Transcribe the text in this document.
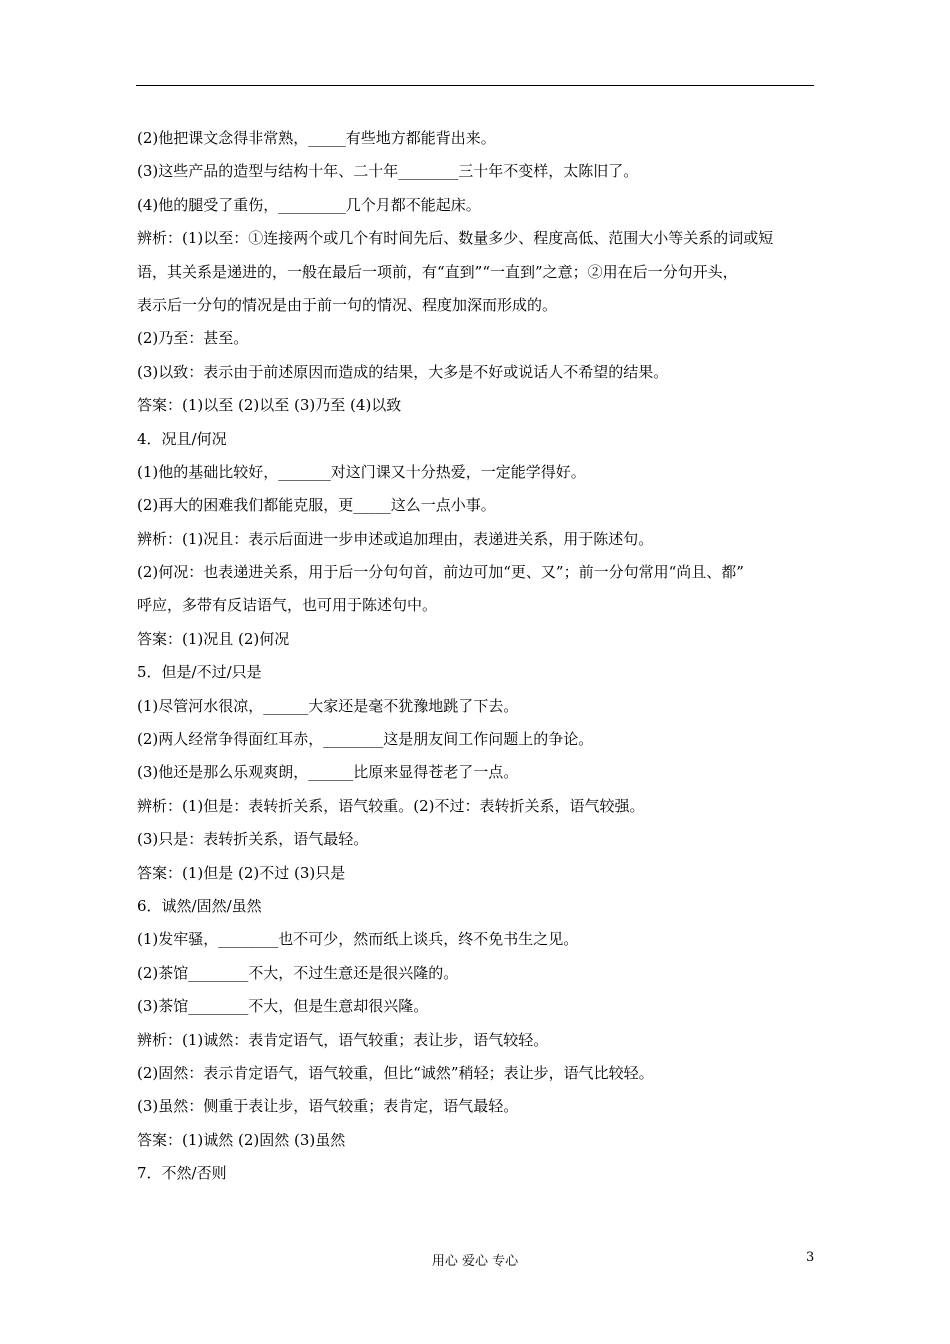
(2)他把课文念得非常熟，_____有些地方都能背出来。
(3)这些产品的造型与结构十年、二十年________三十年不变样，太陈旧了。
(4)他的腿受了重伤，_________几个月都不能起床。
辨析：(1)以至：①连接两个或几个有时间先后、数量多少、程度高低、范围大小等关系的词或短
语，其关系是递进的，一般在最后一项前，有“直到”“一直到”之意；②用在后一分句开头，
表示后一分句的情况是由于前一句的情况、程度加深而形成的。
(2)乃至：甚至。
(3)以致：表示由于前述原因而造成的结果，大多是不好或说话人不希望的结果。
答案：(1)以至 (2)以至 (3)乃至 (4)以致
4．况且/何况
(1)他的基础比较好，_______对这门课又十分热爱，一定能学得好。
(2)再大的困难我们都能克服，更_____这么一点小事。
辨析：(1)况且：表示后面进一步申述或追加理由，表递进关系，用于陈述句。
(2)何况：也表递进关系，用于后一分句句首，前边可加“更、又”；前一分句常用“尚且、都”
呼应，多带有反诘语气，也可用于陈述句中。
答案：(1)况且 (2)何况
5．但是/不过/只是
(1)尽管河水很凉，______大家还是毫不犹豫地跳了下去。
(2)两人经常争得面红耳赤，________这是朋友间工作问题上的争论。
(3)他还是那么乐观爽朗，______比原来显得苍老了一点。
辨析：(1)但是：表转折关系，语气较重。(2)不过：表转折关系，语气较强。
(3)只是：表转折关系，语气最轻。
答案：(1)但是 (2)不过 (3)只是
6．诚然/固然/虽然
(1)发牢骚，________也不可少，然而纸上谈兵，终不免书生之见。
(2)茶馆________不大，不过生意还是很兴隆的。
(3)茶馆________不大，但是生意却很兴隆。
辨析：(1)诚然：表肯定语气，语气较重；表让步，语气较轻。
(2)固然：表示肯定语气，语气较重，但比“诚然”稍轻；表让步，语气比较轻。
(3)虽然：侧重于表让步，语气较重；表肯定，语气最轻。
答案：(1)诚然 (2)固然 (3)虽然
7．不然/否则
用心 爱心 专心	3
